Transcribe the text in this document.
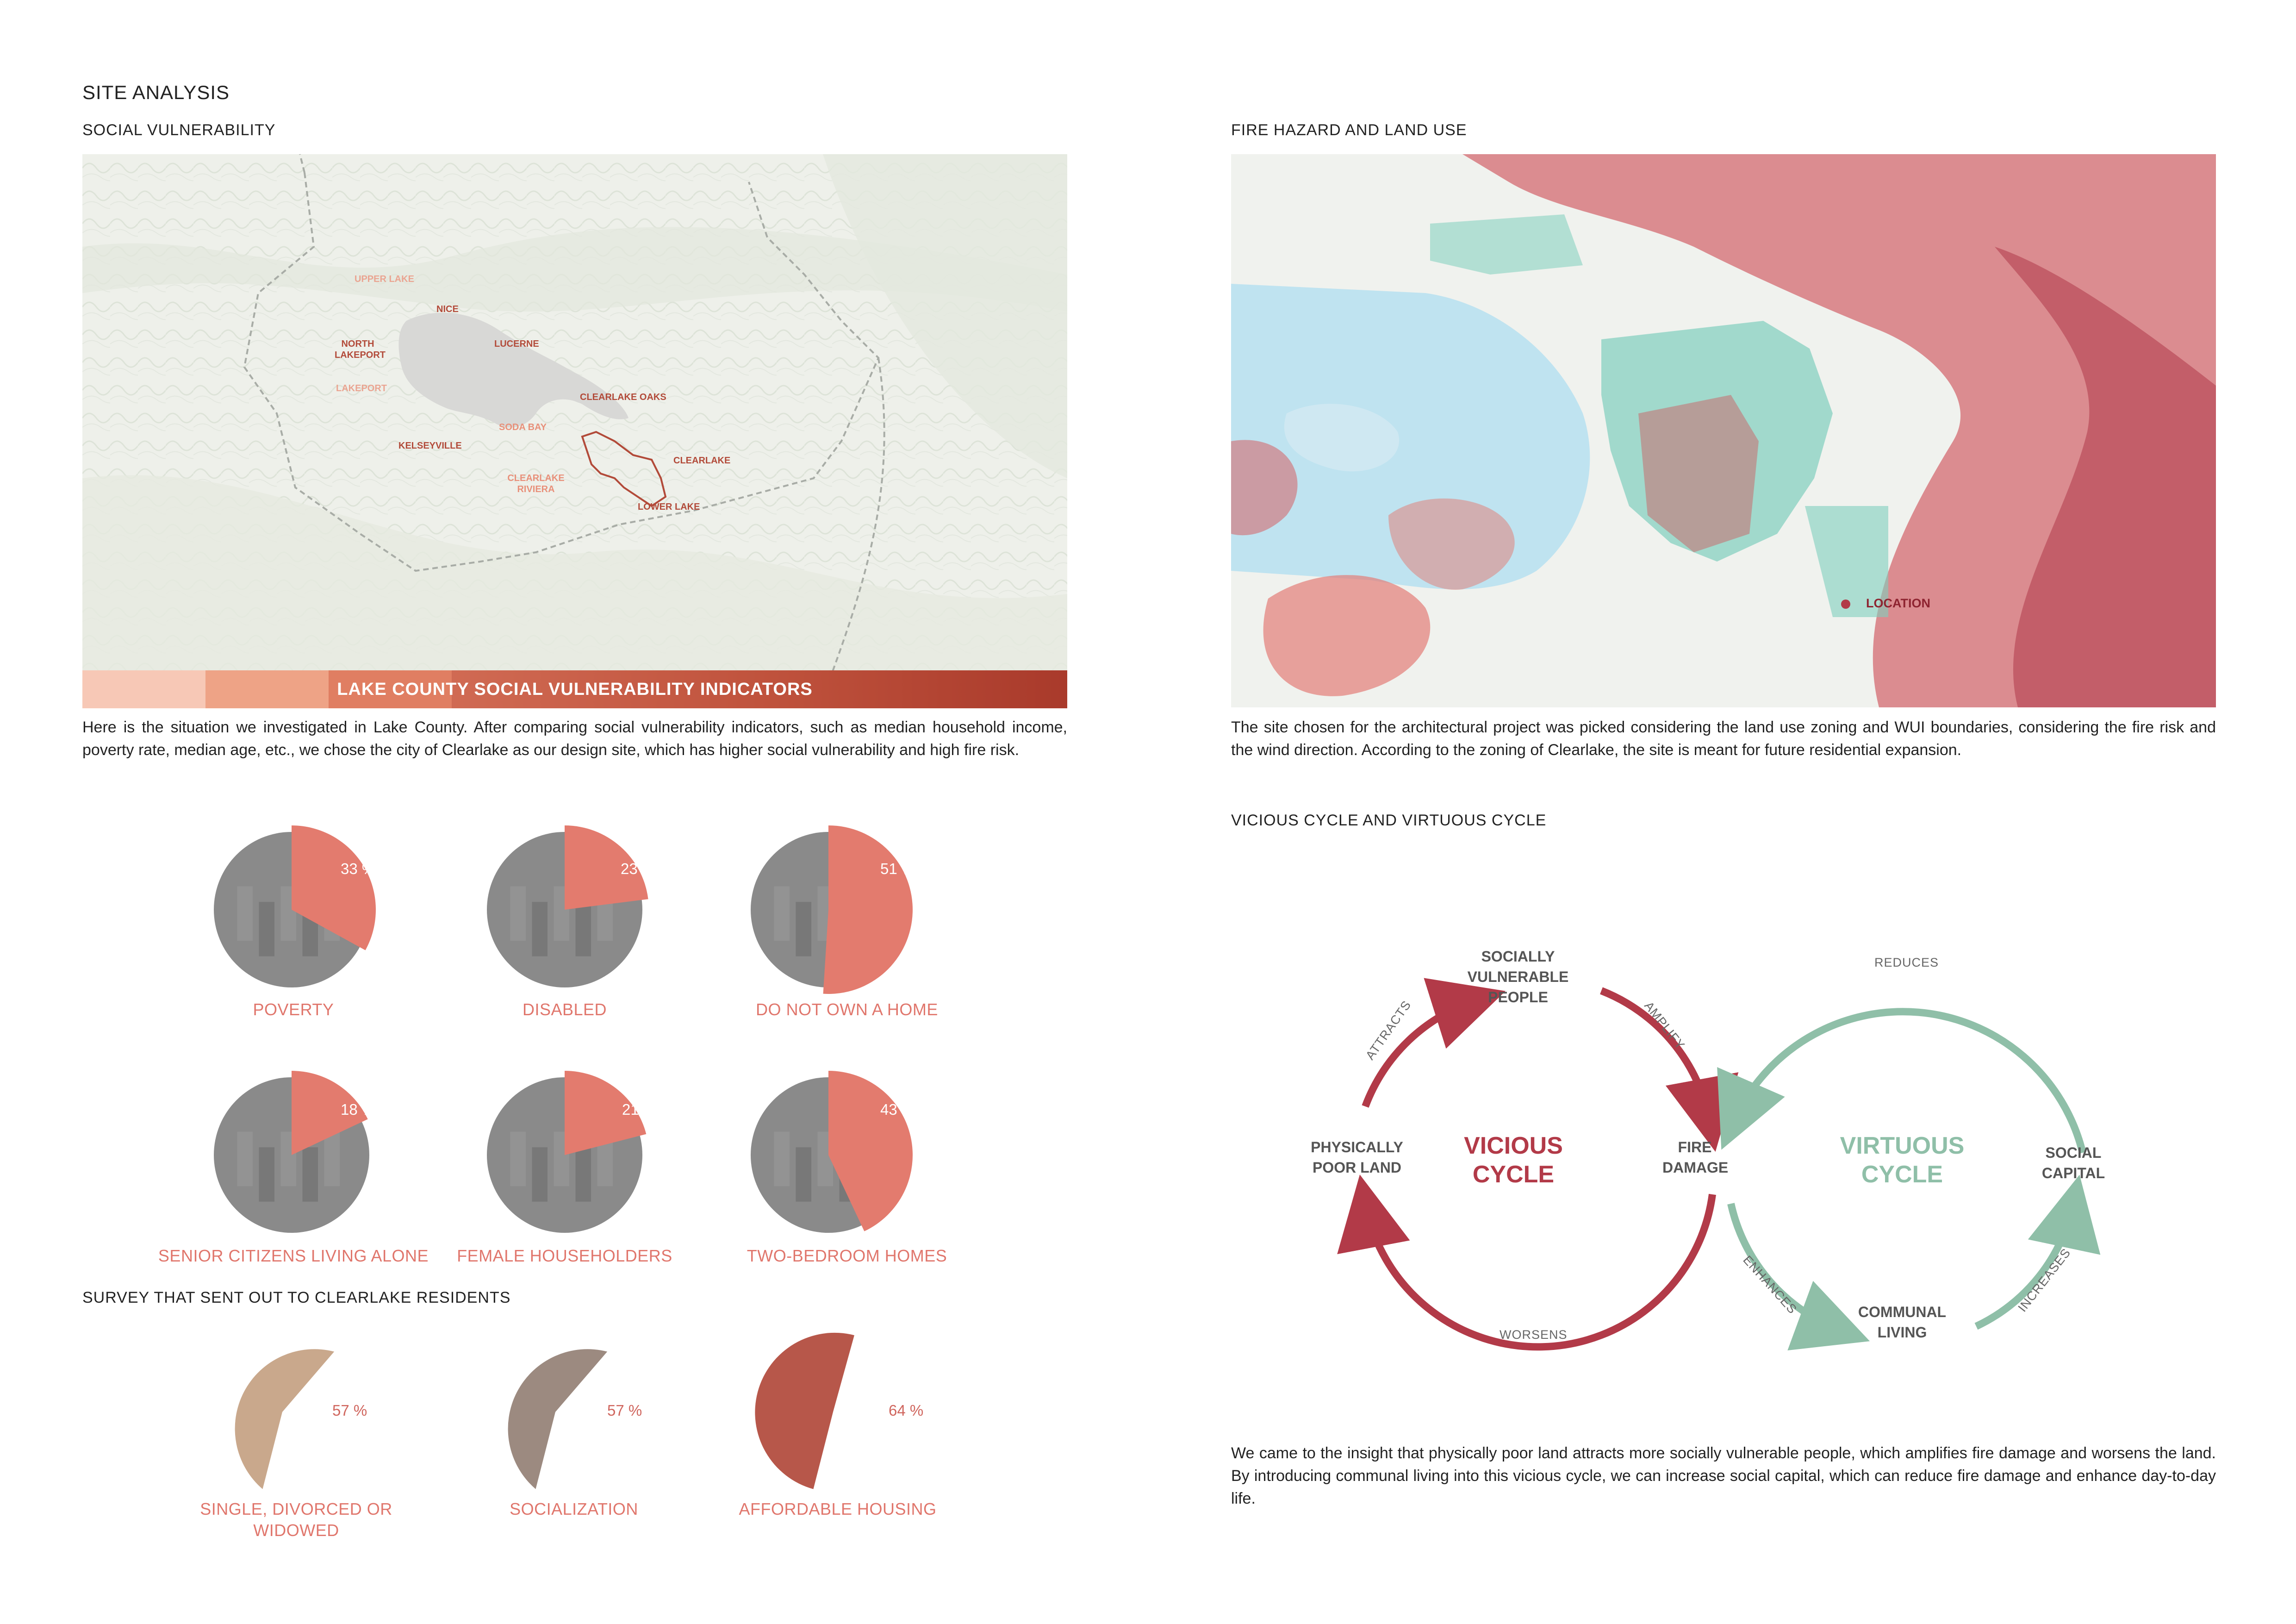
SITE ANALYSIS
SOCIAL VULNERABILITY	FIRE HAZARD AND LAND USE
UPPER LAKE
NICE
NORTH LAKEPORT
LUCERNE
LAKEPORT
CLEARLAKE OAKS
SODA BAY
KELSEYVILLE
CLEARLAKE
CLEARLAKE RIVIERA
LOWER LAKE
LAKE COUNTY SOCIAL VULNERABILITY INDICATORS
Here is the situation we investigated in Lake County. After comparing social vulnerability indicators, such as median household income, poverty rate, median age, etc., we chose the city of Clearlake as our design site, which has higher social vulnerability and high fire risk.
LOCATION
The site chosen for the architectural project was picked considering the land use zoning and WUI boundaries, considering the fire risk and the wind direction. According to the zoning of Clearlake, the site is meant for future residential expansion.
33 %	23 %	51 %
18 %	21 %	43 %
POVERTY	DISABLED	DO NOT OWN A HOME
SENIOR CITIZENS LIVING ALONE	FEMALE HOUSEHOLDERS	TWO-BEDROOM HOMES
SURVEY THAT SENT OUT TO CLEARLAKE RESIDENTS
57 %	57 %	64 %
SINGLE, DIVORCED OR WIDOWED
SOCIALIZATION	AFFORDABLE HOUSING
VICIOUS CYCLE AND VIRTUOUS CYCLE
SOCIALLY VULNERABLE PEOPLE
PHYSICALLY POOR LAND
FIRE DAMAGE
SOCIAL CAPITAL
COMMUNAL LIVING
VICIOUS CYCLE
VIRTUOUS CYCLE
ATTRACTS	AMPLIFY
WORSENS
REDUCES
ENHANCES	INCREASES
We came to the insight that physically poor land attracts more socially vulnerable people, which amplifies fire damage and worsens the land. By introducing communal living into this vicious cycle, we can increase social capital, which can reduce fire damage and enhance day-to-day life.
